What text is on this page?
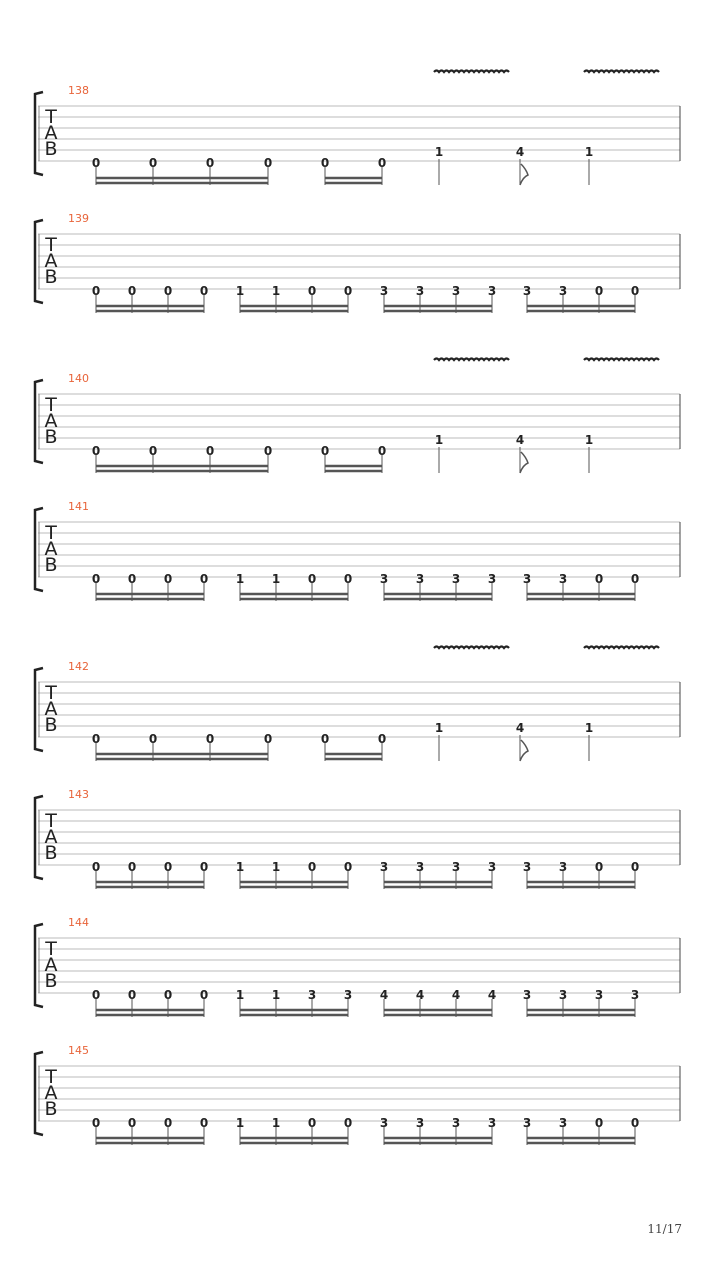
138
T
A
B
0	0	0	0	0	0
1	4	1
139
T
A
B
0 0 0 0 1 1 0 0 3 3 3 3 3 3 0 0
140
T
A
B
0	0	0	0	0	0
1	4	1
141
T
A
B
0 0 0 0 1 1 0 0 3 3 3 3 3 3 0 0
142
T
A
B
0	0	0	0	0	0
1	4	1
143
T
A
B
0 0 0 0 1 1 0 0 3 3 3 3 3 3 0 0
144
T
A
B
0 0 0 0 1 1 3 3 4 4 4 4 3 3 3 3
145
T
A
B
0 0 0 0 1 1 0 0 3 3 3 3 3 3 0 0
11/17
